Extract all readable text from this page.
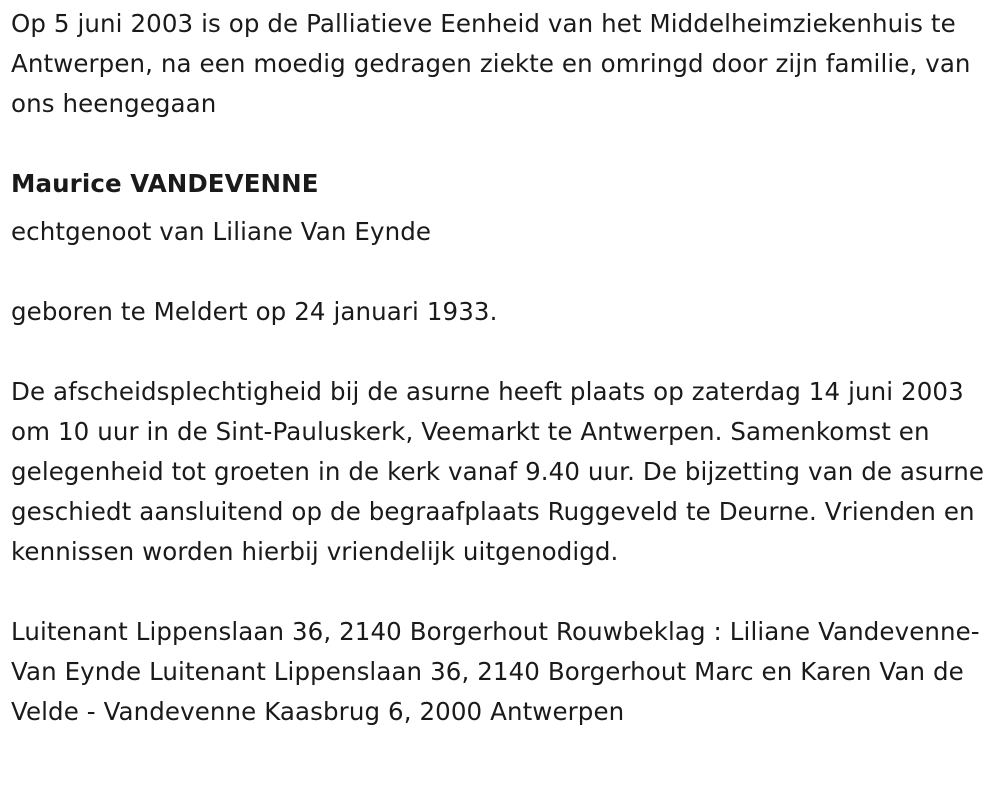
Op 5 juni 2003 is op de Palliatieve Eenheid van het Middelheimziekenhuis te Antwerpen, na een moedig gedragen ziekte en omringd door zijn familie, van ons heengegaan

Maurice VANDEVENNE

echtgenoot van Liliane Van Eynde

geboren te Meldert op 24 januari 1933.

De afscheidsplechtigheid bij de asurne heeft plaats op zaterdag 14 juni 2003 om 10 uur in de Sint-Pauluskerk, Veemarkt te Antwerpen. Samenkomst en gelegenheid tot groeten in de kerk vanaf 9.40 uur. De bijzetting van de asurne geschiedt aansluitend op de begraafplaats Ruggeveld te Deurne. Vrienden en kennissen worden hierbij vriendelijk uitgenodigd.

Luitenant Lippenslaan 36, 2140 Borgerhout Rouwbeklag : Liliane Vandevenne-Van Eynde Luitenant Lippenslaan 36, 2140 Borgerhout Marc en Karen Van de Velde - Vandevenne Kaasbrug 6, 2000 Antwerpen
